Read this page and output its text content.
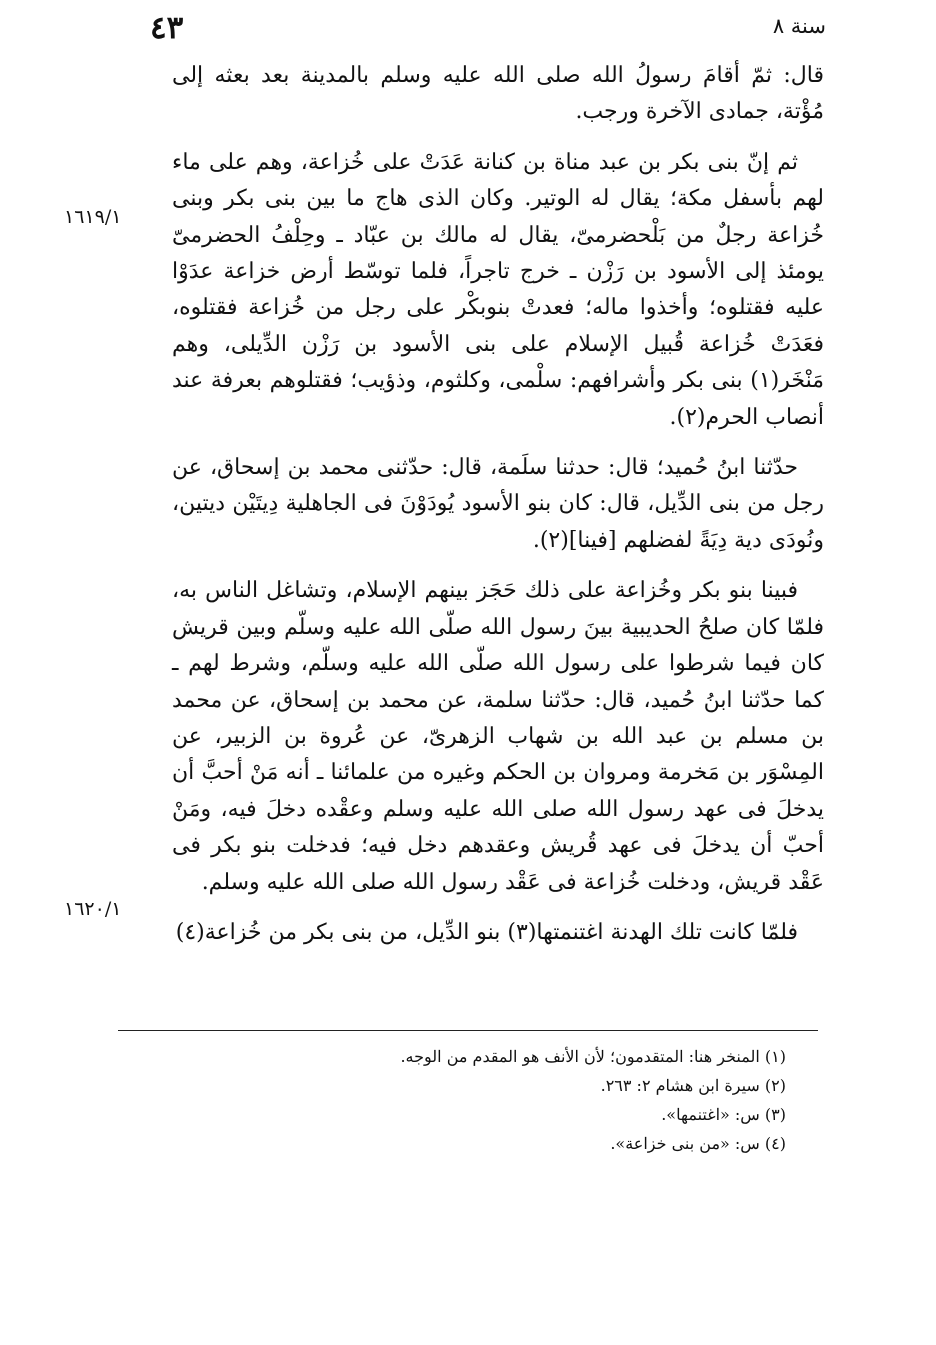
سنة ٨
٤٣

قال: ثمّ أقامَ رسولُ الله صلى الله عليه وسلم بالمدينة بعد بعثه إلى مُؤْتة، جمادى الآخرة ورجب.

ثم إنّ بنى بكر بن عبد مناة بن كنانة عَدَتْ على خُزاعة، وهم على ماء لهم بأسفل مكة؛ يقال له الوتير. وكان الذى هاج ما بين بنى بكر وبنى خُزاعة رجلٌ من بَلْحضرمىّ، يقال له مالك بن عبّاد ـ وحِلْفُ الحضرمىّ يومئذ إلى الأسود بن رَزْن ـ خرج تاجراً، فلما توسّط أرض خزاعة عدَوْا عليه فقتلوه؛ وأخذوا ماله؛ فعدتْ بنوبكْر على رجل من خُزاعة فقتلوه، فعَدَتْ خُزاعة قُبيل الإسلام على بنى الأسود بن رَزْن الدِّيلى، وهم مَنْخَر(١) بنى بكر وأشرافهم: سلْمى، وكلثوم، وذؤيب؛ فقتلوهم بعرفة عند أنصاب الحرم(٢).

حدّثنا ابنُ حُميد؛ قال: حدثنا سلَمة، قال: حدّثنى محمد بن إسحاق، عن رجل من بنى الدِّيل، قال: كان بنو الأسود يُودَوْنَ فى الجاهلية دِيتَيْن ديتين، ونُودَى دية دِيَةً لفضلهم [فينا](٢).

فبينا بنو بكر وخُزاعة على ذلك حَجَز بينهم الإسلام، وتشاغل الناس به، فلمّا كان صلحُ الحديبية بينَ رسول الله صلّى الله عليه وسلّم وبين قريش كان فيما شرطوا على رسول الله صلّى الله عليه وسلّم، وشرط لهم ـ كما حدّثنا ابنُ حُميد، قال: حدّثنا سلمة، عن محمد بن إسحاق، عن محمد بن مسلم بن عبد الله بن شهاب الزهرىّ، عن عُروة بن الزبير، عن المِسْوَر بن مَخرمة ومروان بن الحكم وغيره من علمائنا ـ أنه مَنْ أحبَّ أن يدخلَ فى عهد رسول الله صلى الله عليه وسلم وعقْده دخلَ فيه، ومَنْ أحبّ أن يدخلَ فى عهد قُريش وعقدهم دخل فيه؛ فدخلت بنو بكر فى عَقْد قريش، ودخلت خُزاعة فى عَقْد رسول الله صلى الله عليه وسلم.

فلمّا كانت تلك الهدنة اغتنمتها(٣) بنو الدِّيل، من بنى بكر من خُزاعة(٤)

١٦١٩/١
١٦٢٠/١
(١) المنخر هنا: المتقدمون؛ لأن الأنف هو المقدم من الوجه.
(٢) سيرة ابن هشام ٢: ٢٦٣.
(٣) س: «اغتنمها».
(٤) س: «من بنى خزاعة».
